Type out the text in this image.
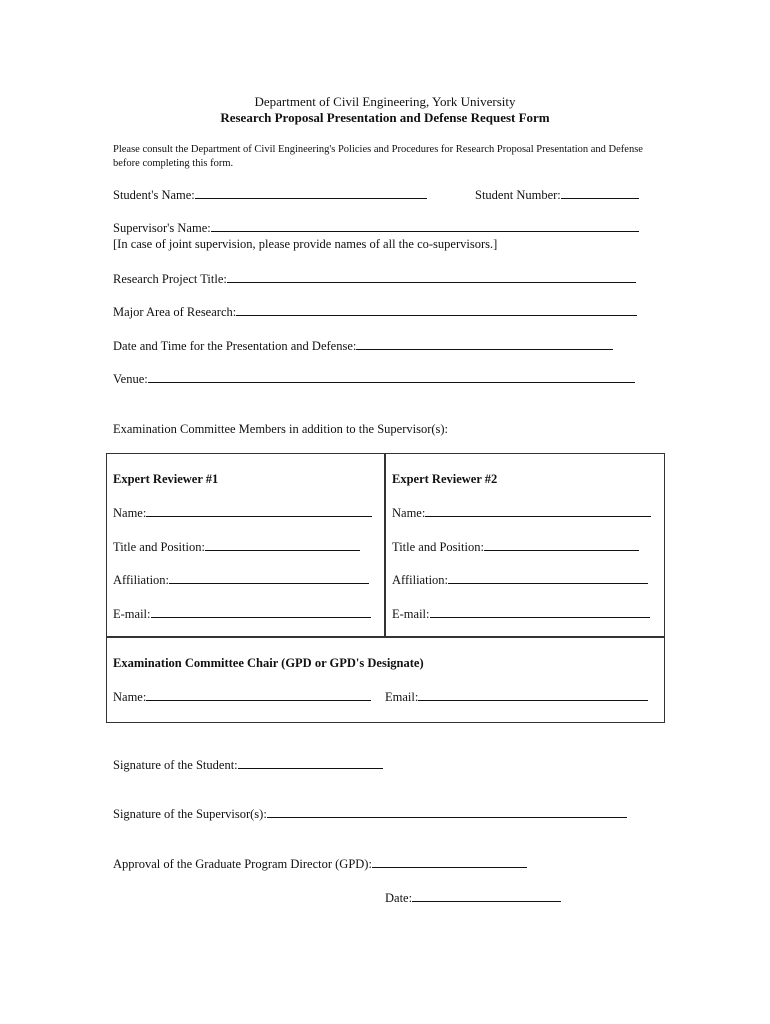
Department of Civil Engineering, York University
Research Proposal Presentation and Defense Request Form
Please consult the Department of Civil Engineering's Policies and Procedures for Research Proposal Presentation and Defense before completing this form.
Student's Name:	Student Number:
Supervisor's Name:
[In case of joint supervision, please provide names of all the co-supervisors.]
Research Project Title:
Major Area of Research:
Date and Time for the Presentation and Defense:
Venue:
Examination Committee Members in addition to the Supervisor(s):
Expert Reviewer #1
Name:
Title and Position:
Affiliation:
E-mail:
Expert Reviewer #2
Name:
Title and Position:
Affiliation:
E-mail:
Examination Committee Chair (GPD or GPD's Designate)
Name:	Email:
Signature of the Student:
Signature of the Supervisor(s):
Approval of the Graduate Program Director (GPD):
Date:
